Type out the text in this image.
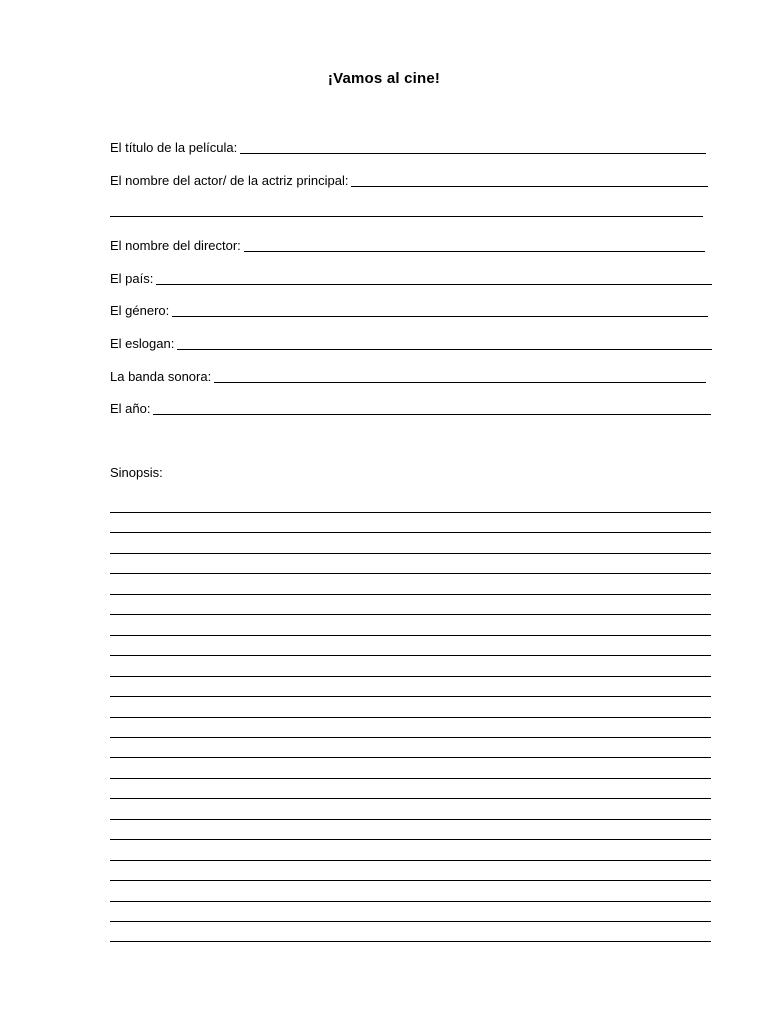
¡Vamos al cine!
El título de la película:
El nombre del actor/ de la actriz principal:
El nombre del director:
El país:
El género:
El eslogan:
La banda sonora:
El año:
Sinopsis:
